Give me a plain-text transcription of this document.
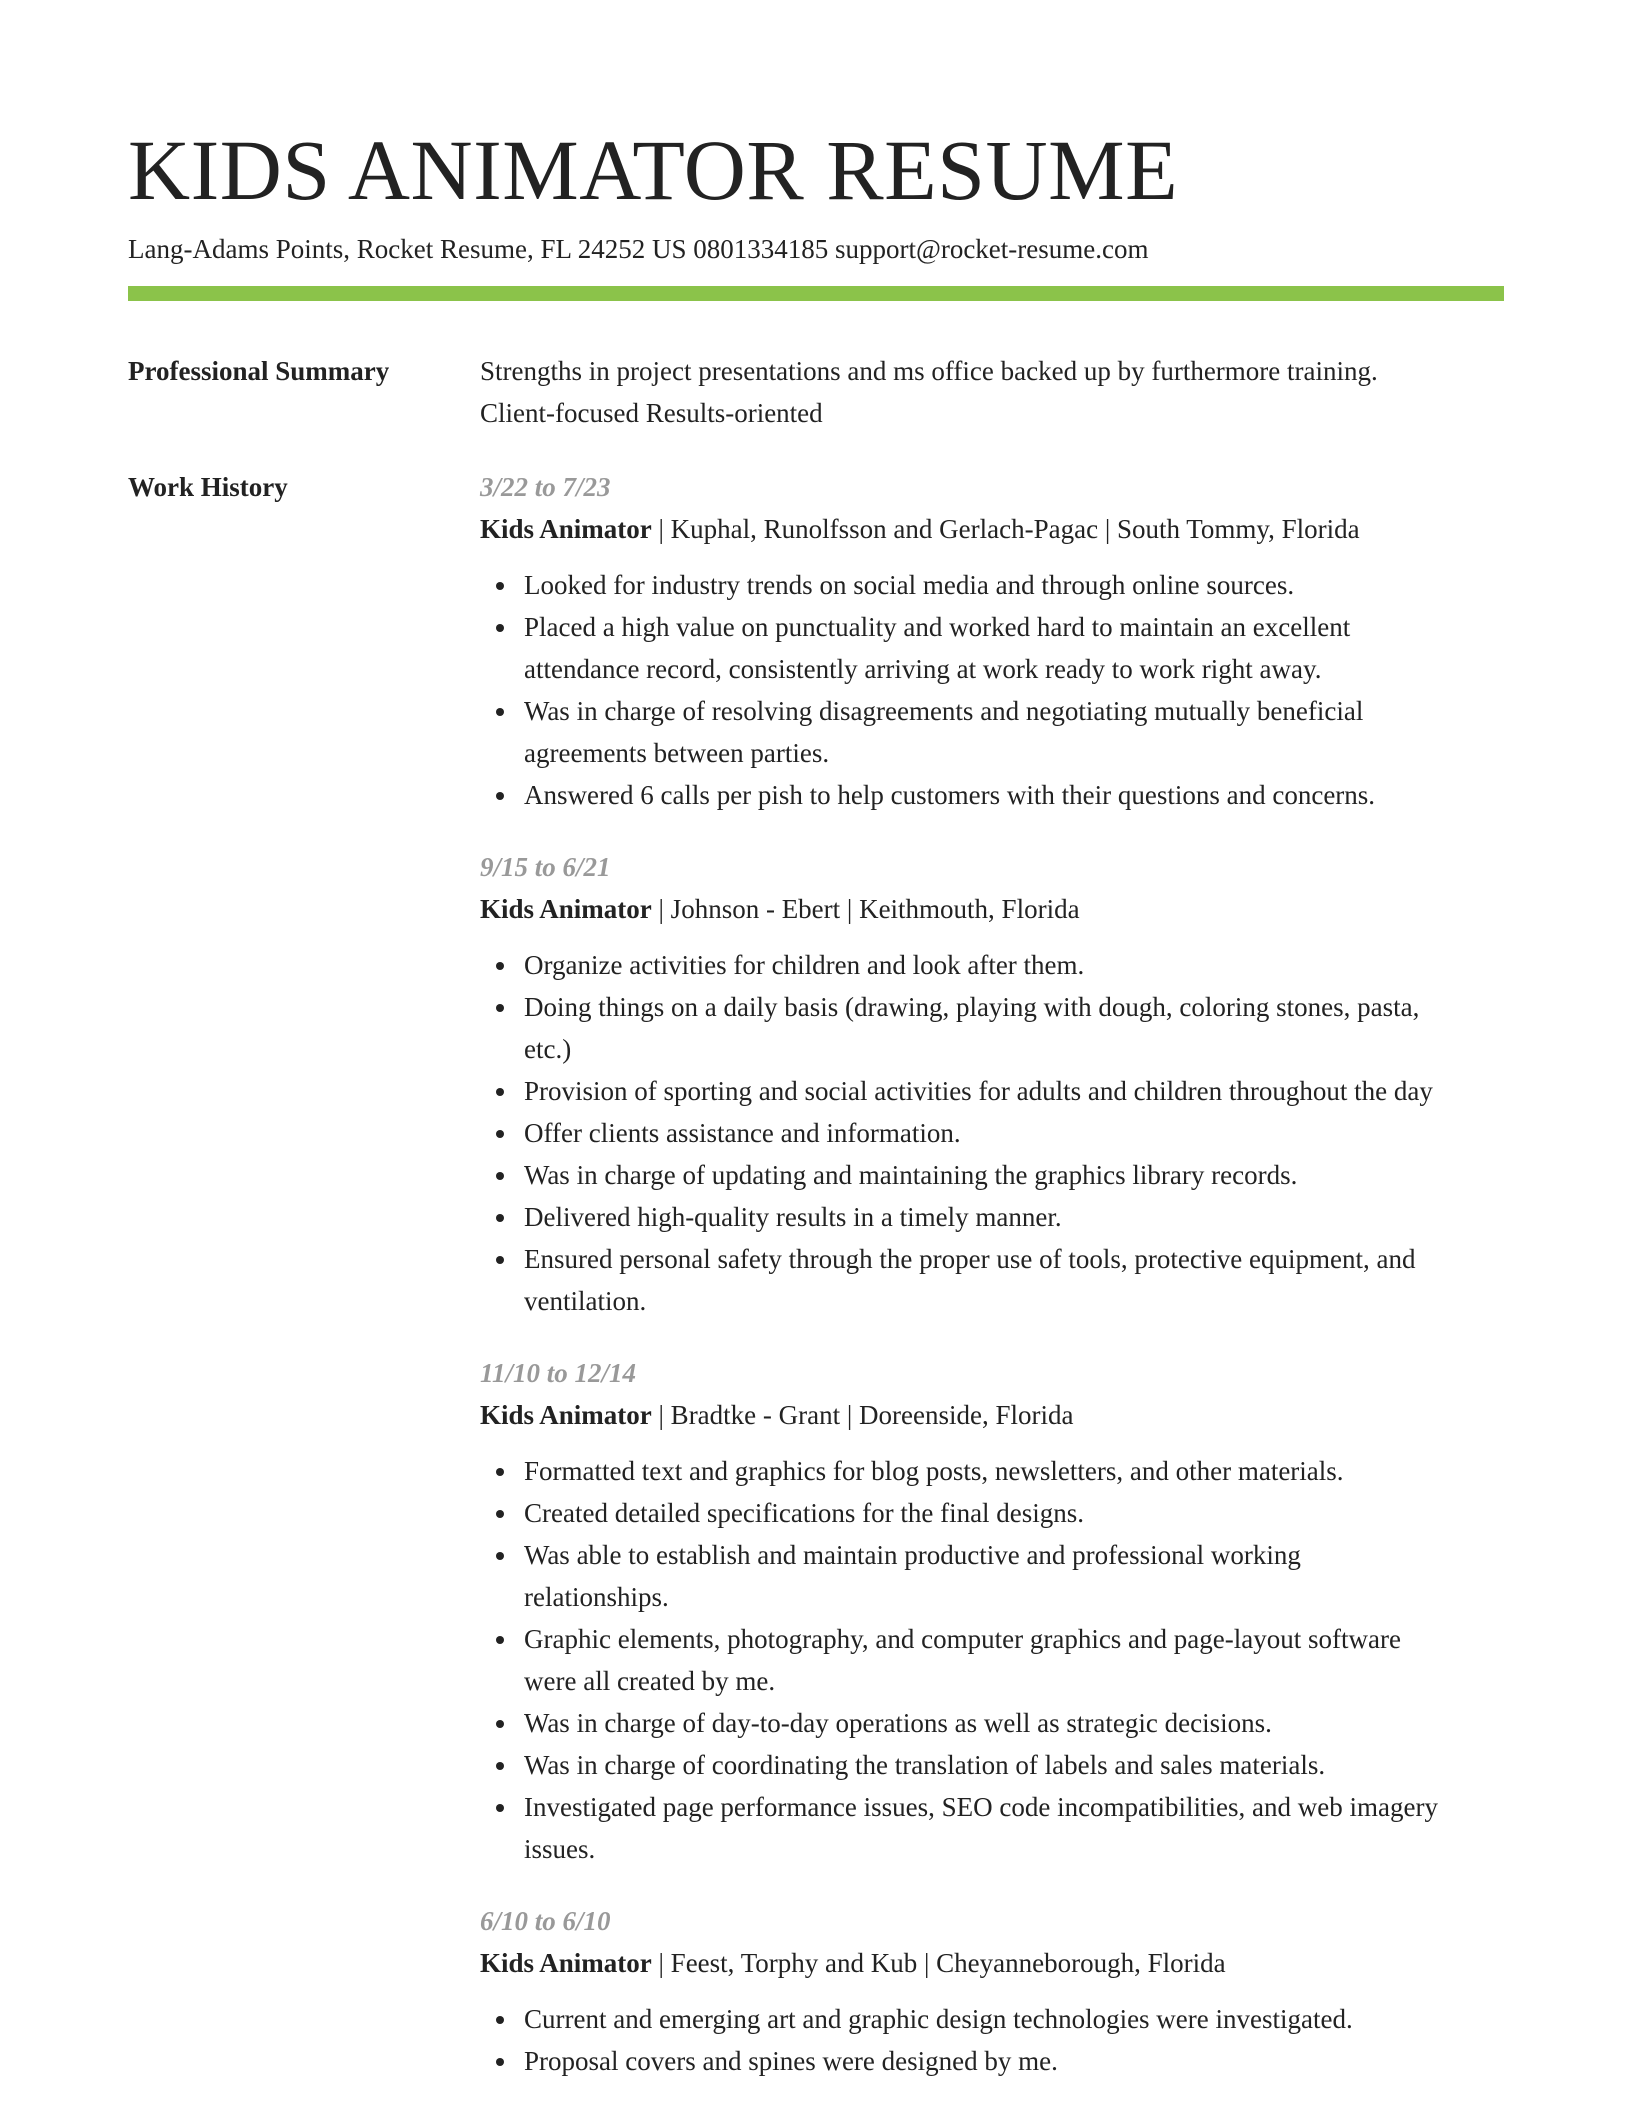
KIDS ANIMATOR RESUME
Lang-Adams Points, Rocket Resume, FL 24252 US 0801334185 support@rocket-resume.com
Professional Summary	Strengths in project presentations and ms office backed up by furthermore training.
Client-focused Results-oriented
Work History	3/22 to 7/23
Kids Animator | Kuphal, Runolfsson and Gerlach-Pagac | South Tommy, Florida
Looked for industry trends on social media and through online sources.
Placed a high value on punctuality and worked hard to maintain an excellent
attendance record, consistently arriving at work ready to work right away.
Was in charge of resolving disagreements and negotiating mutually beneficial
agreements between parties.
Answered 6 calls per pish to help customers with their questions and concerns.
9/15 to 6/21
Kids Animator | Johnson - Ebert | Keithmouth, Florida
Organize activities for children and look after them.
Doing things on a daily basis (drawing, playing with dough, coloring stones, pasta,
etc.)
Provision of sporting and social activities for adults and children throughout the day
Offer clients assistance and information.
Was in charge of updating and maintaining the graphics library records.
Delivered high-quality results in a timely manner.
Ensured personal safety through the proper use of tools, protective equipment, and
ventilation.
11/10 to 12/14
Kids Animator | Bradtke - Grant | Doreenside, Florida
Formatted text and graphics for blog posts, newsletters, and other materials.
Created detailed specifications for the final designs.
Was able to establish and maintain productive and professional working
relationships.
Graphic elements, photography, and computer graphics and page-layout software
were all created by me.
Was in charge of day-to-day operations as well as strategic decisions.
Was in charge of coordinating the translation of labels and sales materials.
Investigated page performance issues, SEO code incompatibilities, and web imagery
issues.
6/10 to 6/10
Kids Animator | Feest, Torphy and Kub | Cheyanneborough, Florida
Current and emerging art and graphic design technologies were investigated.
Proposal covers and spines were designed by me.
